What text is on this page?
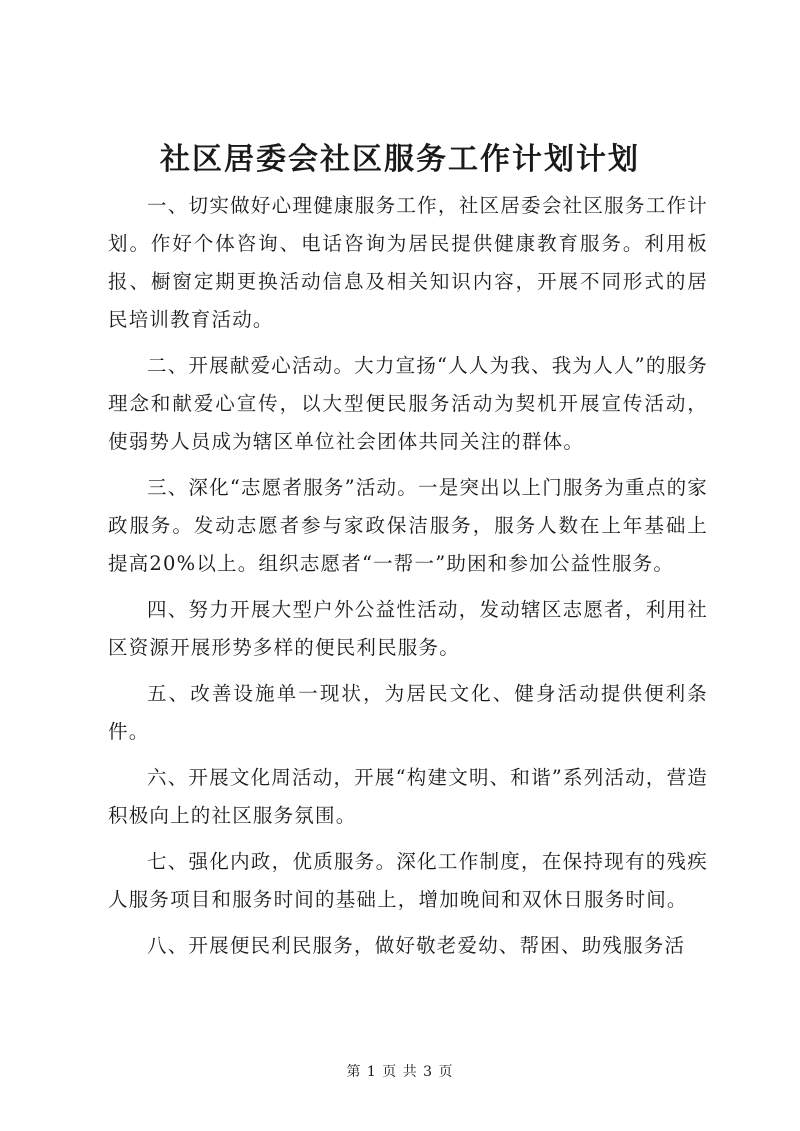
社区居委会社区服务工作计划计划

一、切实做好心理健康服务工作，社区居委会社区服务工作计划。作好个体咨询、电话咨询为居民提供健康教育服务。利用板报、橱窗定期更换活动信息及相关知识内容，开展不同形式的居民培训教育活动。

二、开展献爱心活动。大力宣扬“人人为我、我为人人”的服务理念和献爱心宣传，以大型便民服务活动为契机开展宣传活动，使弱势人员成为辖区单位社会团体共同关注的群体。

三、深化“志愿者服务”活动。一是突出以上门服务为重点的家政服务。发动志愿者参与家政保洁服务，服务人数在上年基础上提高20%以上。组织志愿者“一帮一”助困和参加公益性服务。

四、努力开展大型户外公益性活动，发动辖区志愿者，利用社区资源开展形势多样的便民利民服务。

五、改善设施单一现状，为居民文化、健身活动提供便利条件。

六、开展文化周活动，开展“构建文明、和谐”系列活动，营造积极向上的社区服务氛围。

七、强化内政，优质服务。深化工作制度，在保持现有的残疾人服务项目和服务时间的基础上，增加晚间和双休日服务时间。

八、开展便民利民服务，做好敬老爱幼、帮困、助残服务活

第 1 页 共 3 页
